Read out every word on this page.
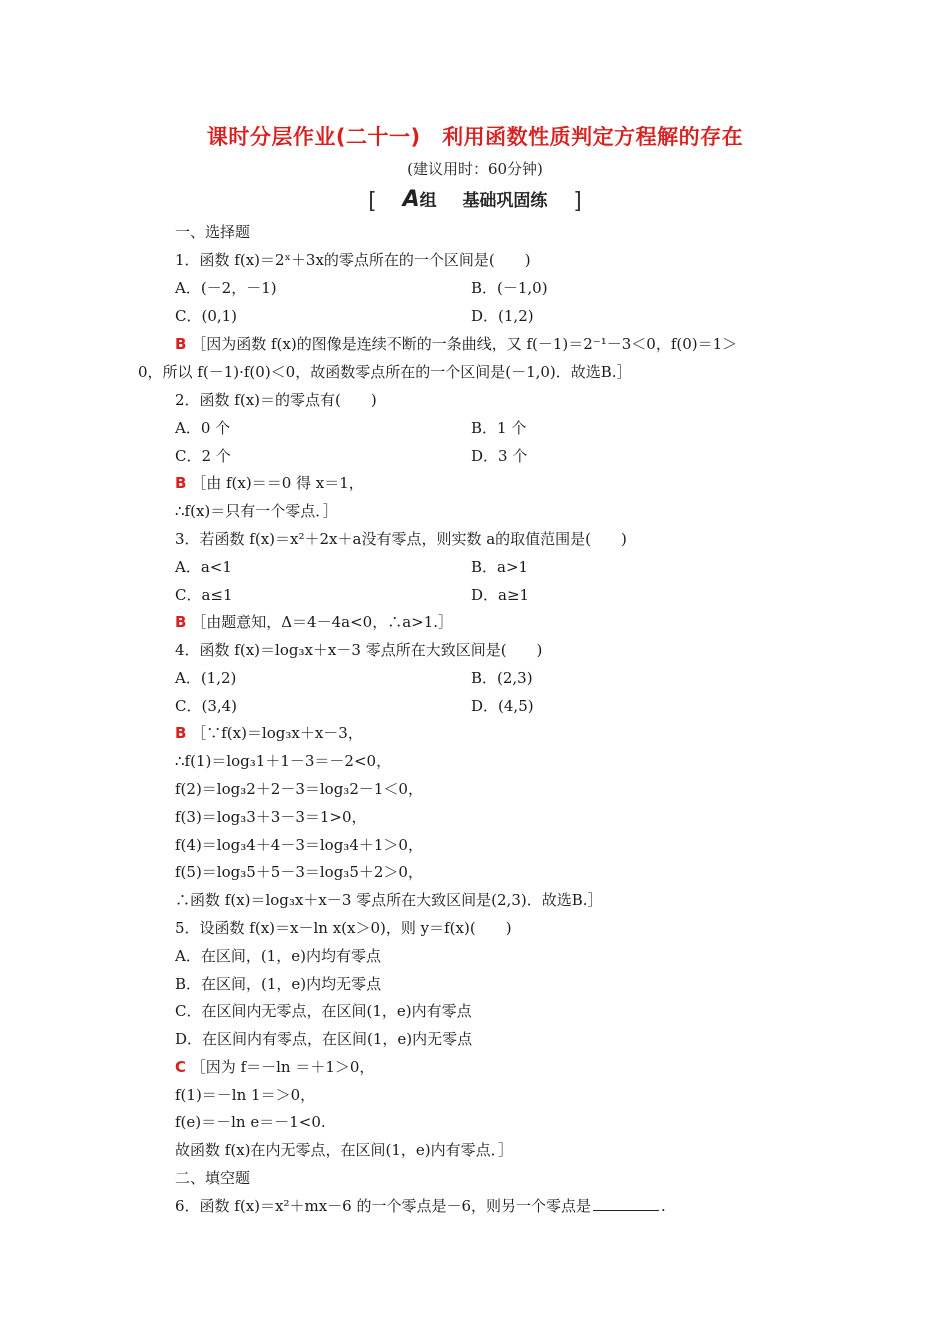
课时分层作业(二十一)　利用函数性质判定方程解的存在
(建议用时：60分钟)
[ A组 基础巩固练 ]
一、选择题
1．函数 f(x)＝2ˣ＋3x的零点所在的一个区间是(　　)
A．(－2，－1)	B．(－1,0)
C．(0,1)	D．(1,2)
B ［因为函数 f(x)的图像是连续不断的一条曲线，又 f(－1)＝2⁻¹－3＜0，f(0)＝1＞
0，所以 f(－1)·f(0)＜0，故函数零点所在的一个区间是(－1,0)．故选B.］
2．函数 f(x)＝的零点有(　　)
A．0 个	B．1 个
C．2 个	D．3 个
B ［由 f(x)＝＝0 得 x＝1，
∴f(x)＝只有一个零点．］
3．若函数 f(x)＝x²＋2x＋a没有零点，则实数 a的取值范围是(　　)
A．a<1	B．a>1
C．a≤1	D．a≥1
B ［由题意知，Δ＝4－4a<0，∴a>1.］
4．函数 f(x)＝log₃x＋x－3 零点所在大致区间是(　　)
A．(1,2)	B．(2,3)
C．(3,4)	D．(4,5)
B ［∵f(x)＝log₃x＋x－3，
∴f(1)＝log₃1＋1－3＝－2<0，
f(2)＝log₃2＋2－3＝log₃2－1＜0，
f(3)＝log₃3＋3－3＝1>0，
f(4)＝log₃4＋4－3＝log₃4＋1＞0，
f(5)＝log₃5＋5－3＝log₃5＋2＞0，
∴函数 f(x)＝log₃x＋x－3 零点所在大致区间是(2,3)．故选B.］
5．设函数 f(x)＝x－ln x(x＞0)，则 y＝f(x)(　　)
A．在区间，(1，e)内均有零点
B．在区间，(1，e)内均无零点
C．在区间内无零点，在区间(1，e)内有零点
D．在区间内有零点，在区间(1，e)内无零点
C ［因为 f＝－ln ＝＋1＞0，
f(1)＝－ln 1＝＞0，
f(e)＝－ln e＝－1<0.
故函数 f(x)在内无零点，在区间(1，e)内有零点．］
二、填空题
6．函数 f(x)＝x²＋mx－6 的一个零点是－6，则另一个零点是	.
